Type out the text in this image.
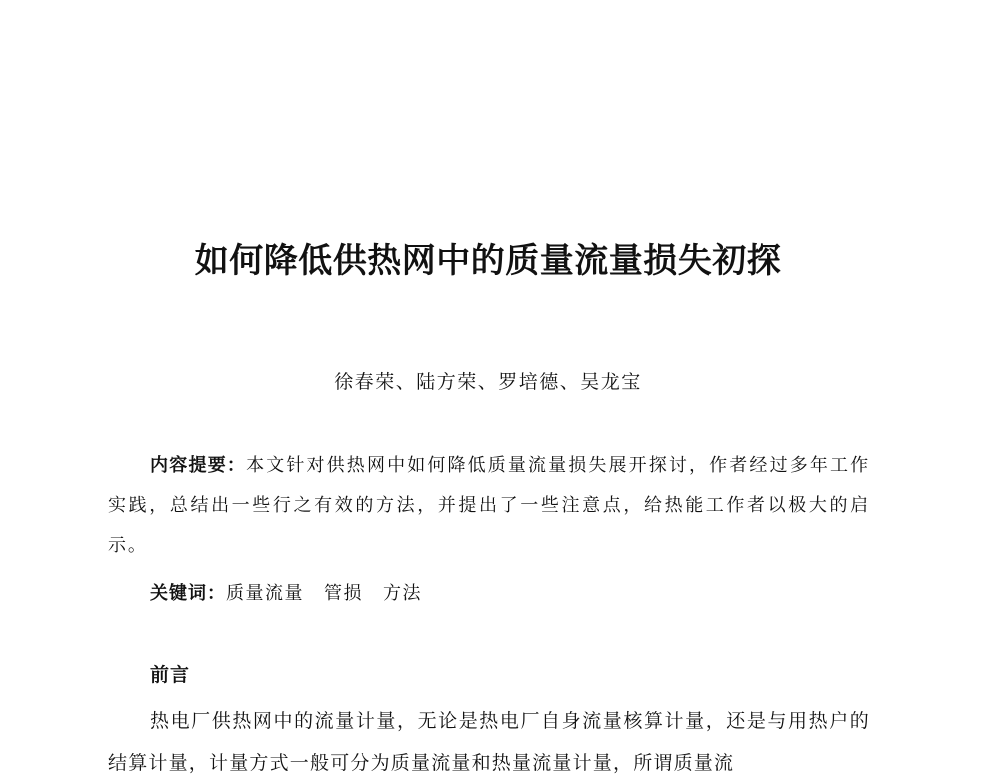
如何降低供热网中的质量流量损失初探
徐春荣、陆方荣、罗培德、吴龙宝
内容提要：本文针对供热网中如何降低质量流量损失展开探讨，作者经过多年工作实践，总结出一些行之有效的方法，并提出了一些注意点，给热能工作者以极大的启示。
关键词：质量流量 管损 方法
前言
热电厂供热网中的流量计量，无论是热电厂自身流量核算计量，还是与用热户的结算计量，计量方式一般可分为质量流量和热量流量计量，所谓质量流
